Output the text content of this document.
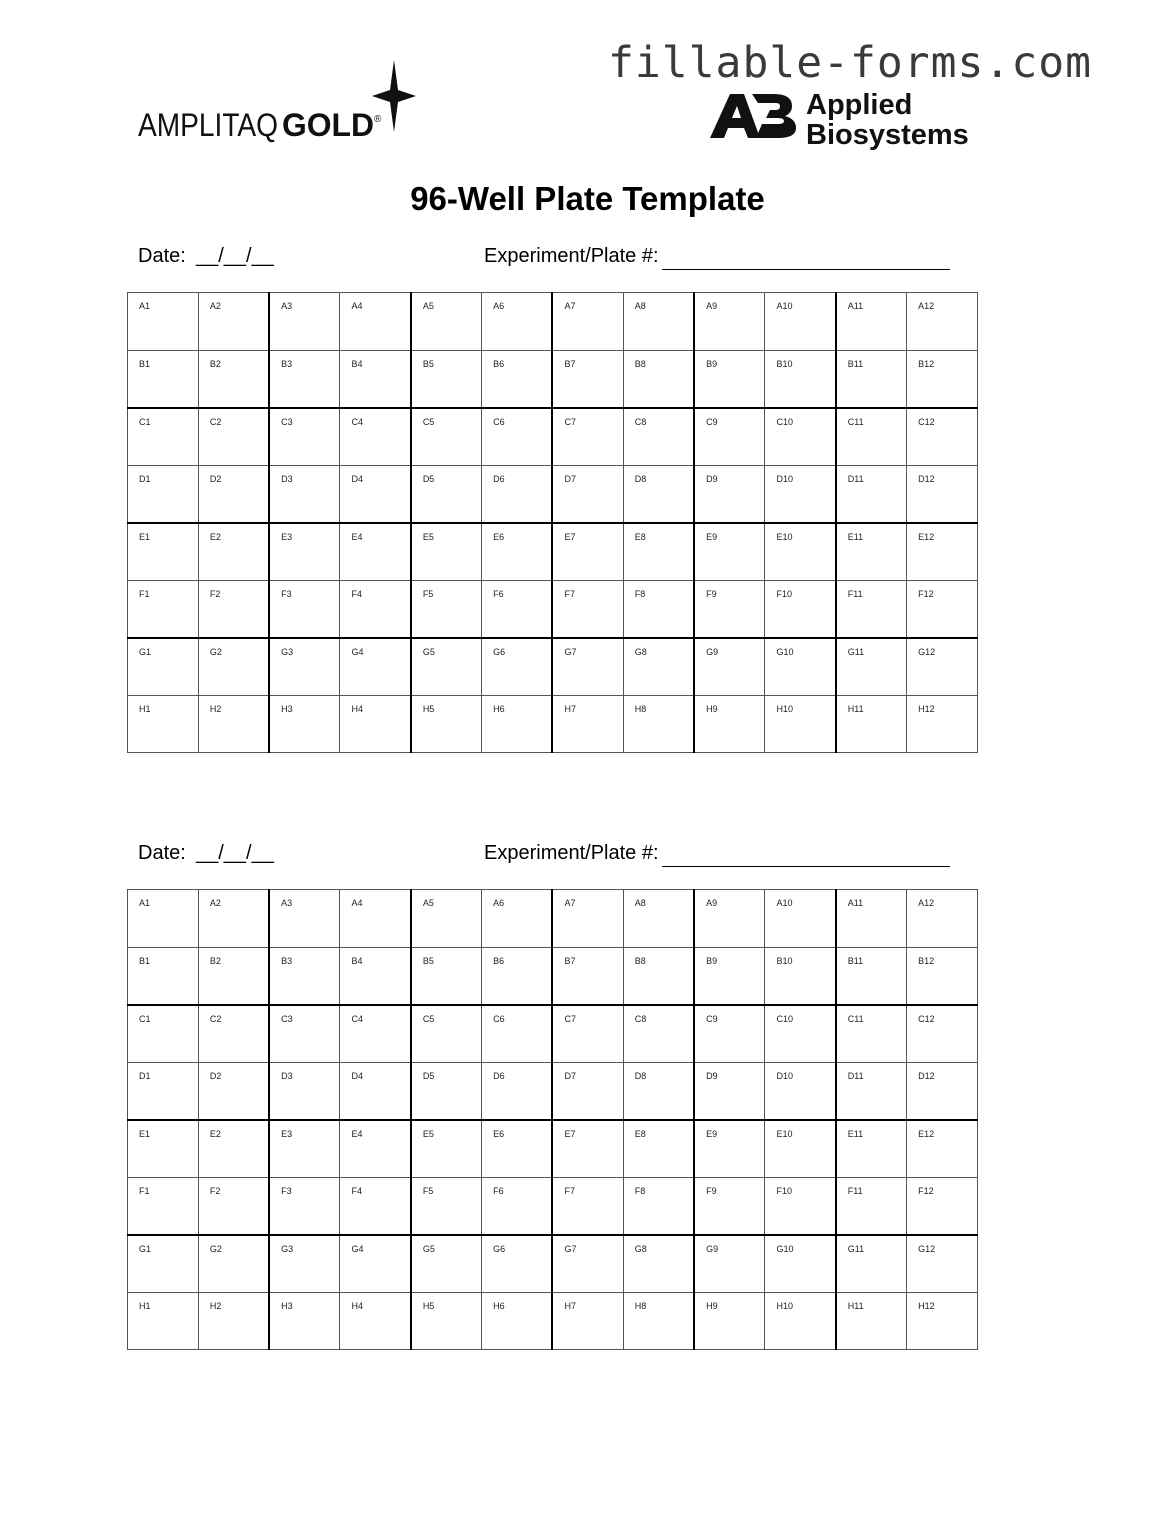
fillable-forms.com
AMPLITAQ GOLD ®	Applied
Biosystems
96-Well Plate Template
Date: __/__/__	Experiment/Plate #:
A1	A2	A3	A4	A5	A6	A7	A8	A9	A10	A11	A12
B1	B2	B3	B4	B5	B6	B7	B8	B9	B10	B11	B12
C1	C2	C3	C4	C5	C6	C7	C8	C9	C10	C11	C12
D1	D2	D3	D4	D5	D6	D7	D8	D9	D10	D11	D12
E1	E2	E3	E4	E5	E6	E7	E8	E9	E10	E11	E12
F1	F2	F3	F4	F5	F6	F7	F8	F9	F10	F11	F12
G1	G2	G3	G4	G5	G6	G7	G8	G9	G10	G11	G12
H1	H2	H3	H4	H5	H6	H7	H8	H9	H10	H11	H12
Date: __/__/__	Experiment/Plate #:
A1	A2	A3	A4	A5	A6	A7	A8	A9	A10	A11	A12
B1	B2	B3	B4	B5	B6	B7	B8	B9	B10	B11	B12
C1	C2	C3	C4	C5	C6	C7	C8	C9	C10	C11	C12
D1	D2	D3	D4	D5	D6	D7	D8	D9	D10	D11	D12
E1	E2	E3	E4	E5	E6	E7	E8	E9	E10	E11	E12
F1	F2	F3	F4	F5	F6	F7	F8	F9	F10	F11	F12
G1	G2	G3	G4	G5	G6	G7	G8	G9	G10	G11	G12
H1	H2	H3	H4	H5	H6	H7	H8	H9	H10	H11	H12
